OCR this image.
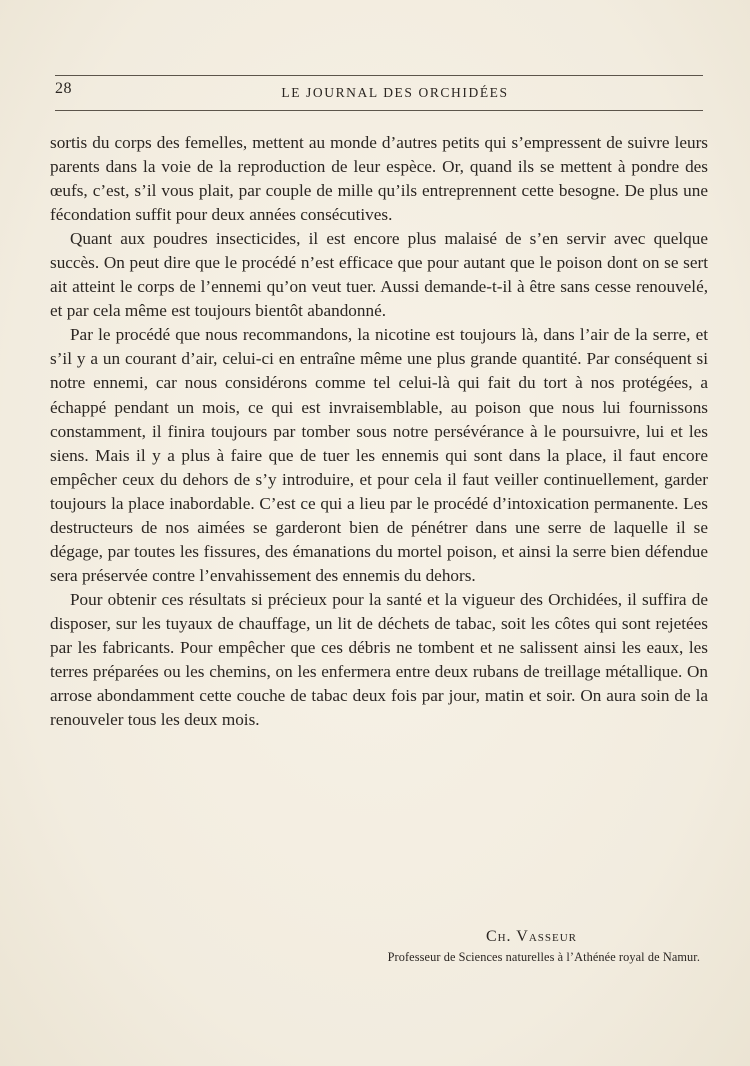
28	LE JOURNAL DES ORCHIDÉES

sortis du corps des femelles, mettent au monde d’autres petits qui s’empressent de suivre leurs parents dans la voie de la reproduction de leur espèce. Or, quand ils se mettent à pondre des œufs, c’est, s’il vous plait, par couple de mille qu’ils entreprennent cette besogne. De plus une fécondation suffit pour deux années consécutives.

Quant aux poudres insecticides, il est encore plus malaisé de s’en servir avec quelque succès. On peut dire que le procédé n’est efficace que pour autant que le poison dont on se sert ait atteint le corps de l’ennemi qu’on veut tuer. Aussi demande-t-il à être sans cesse renouvelé, et par cela même est toujours bientôt abandonné.

Par le procédé que nous recommandons, la nicotine est toujours là, dans l’air de la serre, et s’il y a un courant d’air, celui-ci en entraîne même une plus grande quantité. Par conséquent si notre ennemi, car nous considérons comme tel celui-là qui fait du tort à nos protégées, a échappé pendant un mois, ce qui est invraisemblable, au poison que nous lui fournissons constamment, il finira toujours par tomber sous notre persévérance à le poursuivre, lui et les siens. Mais il y a plus à faire que de tuer les ennemis qui sont dans la place, il faut encore empêcher ceux du dehors de s’y introduire, et pour cela il faut veiller continuellement, garder toujours la place inabordable. C’est ce qui a lieu par le procédé d’intoxication permanente. Les destructeurs de nos aimées se garderont bien de pénétrer dans une serre de laquelle il se dégage, par toutes les fissures, des émanations du mortel poison, et ainsi la serre bien défendue sera préservée contre l’envahissement des ennemis du dehors.

Pour obtenir ces résultats si précieux pour la santé et la vigueur des Orchidées, il suffira de disposer, sur les tuyaux de chauffage, un lit de déchets de tabac, soit les côtes qui sont rejetées par les fabricants. Pour empêcher que ces débris ne tombent et ne salissent ainsi les eaux, les terres préparées ou les chemins, on les enfermera entre deux rubans de treillage métallique. On arrose abondamment cette couche de tabac deux fois par jour, matin et soir. On aura soin de la renouveler tous les deux mois.

Ch. Vasseur
Professeur de Sciences naturelles à l’Athénée royal de Namur.
